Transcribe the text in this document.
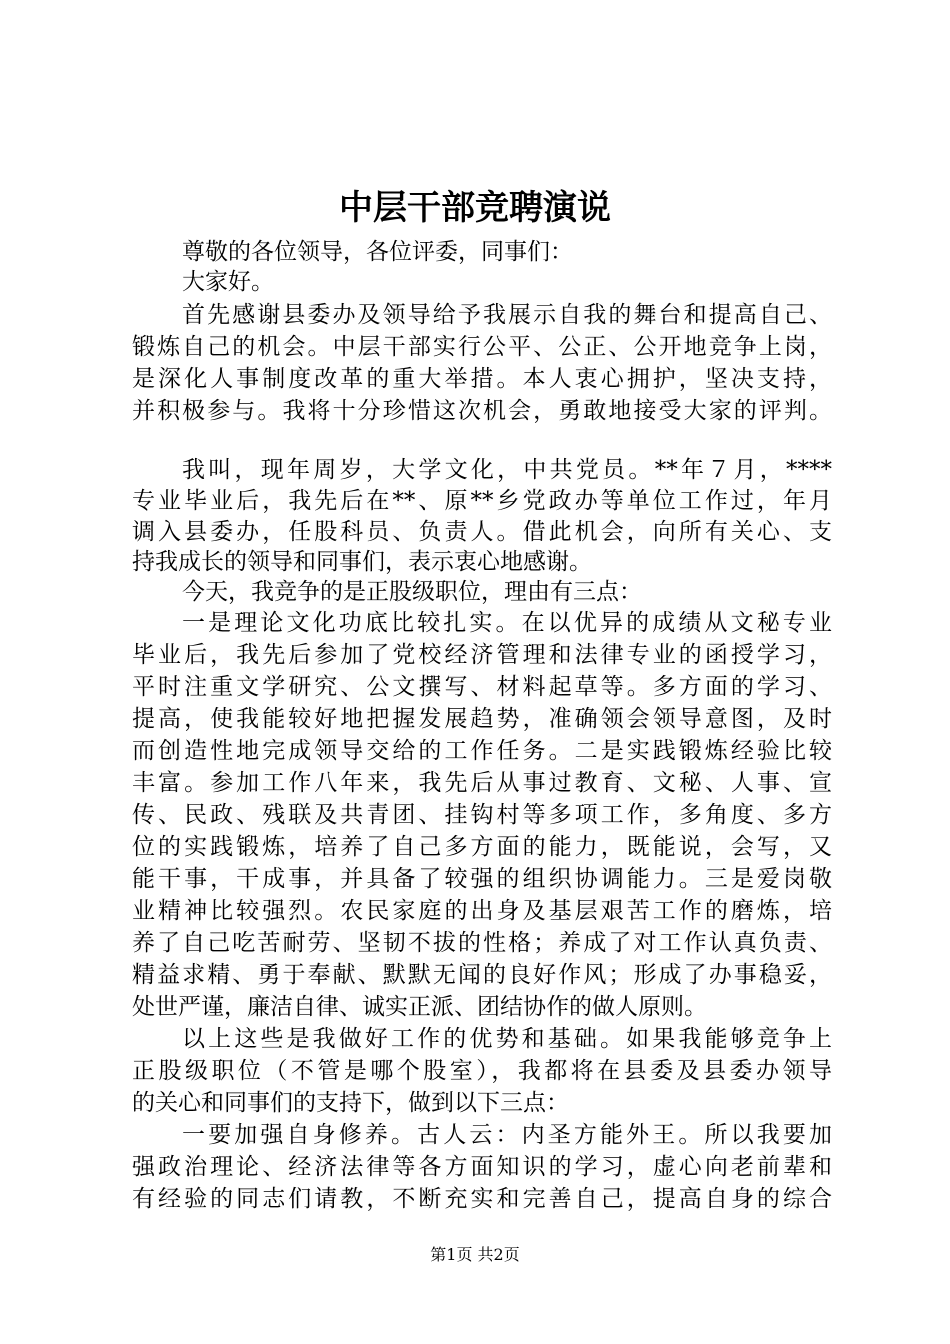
中层干部竞聘演说
尊敬的各位领导，各位评委，同事们：
大家好。
首先感谢县委办及领导给予我展示自我的舞台和提高自己、
锻炼自己的机会。中层干部实行公平、公正、公开地竞争上岗，
是深化人事制度改革的重大举措。本人衷心拥护，坚决支持，
并积极参与。我将十分珍惜这次机会，勇敢地接受大家的评判。
我叫，现年周岁，大学文化，中共党员。**年７月，****
专业毕业后，我先后在**、原**乡党政办等单位工作过，年月
调入县委办，任股科员、负责人。借此机会，向所有关心、支
持我成长的领导和同事们，表示衷心地感谢。
今天，我竞争的是正股级职位，理由有三点：
一是理论文化功底比较扎实。在以优异的成绩从文秘专业
毕业后，我先后参加了党校经济管理和法律专业的函授学习，
平时注重文学研究、公文撰写、材料起草等。多方面的学习、
提高，使我能较好地把握发展趋势，准确领会领导意图，及时
而创造性地完成领导交给的工作任务。二是实践锻炼经验比较
丰富。参加工作八年来，我先后从事过教育、文秘、人事、宣
传、民政、残联及共青团、挂钩村等多项工作，多角度、多方
位的实践锻炼，培养了自己多方面的能力，既能说，会写，又
能干事，干成事，并具备了较强的组织协调能力。三是爱岗敬
业精神比较强烈。农民家庭的出身及基层艰苦工作的磨炼，培
养了自己吃苦耐劳、坚韧不拔的性格；养成了对工作认真负责、
精益求精、勇于奉献、默默无闻的良好作风；形成了办事稳妥，
处世严谨，廉洁自律、诚实正派、团结协作的做人原则。
以上这些是我做好工作的优势和基础。如果我能够竞争上
正股级职位（不管是哪个股室），我都将在县委及县委办领导
的关心和同事们的支持下，做到以下三点：
一要加强自身修养。古人云：内圣方能外王。所以我要加
强政治理论、经济法律等各方面知识的学习，虚心向老前辈和
有经验的同志们请教，不断充实和完善自己，提高自身的综合
第1页 共2页
